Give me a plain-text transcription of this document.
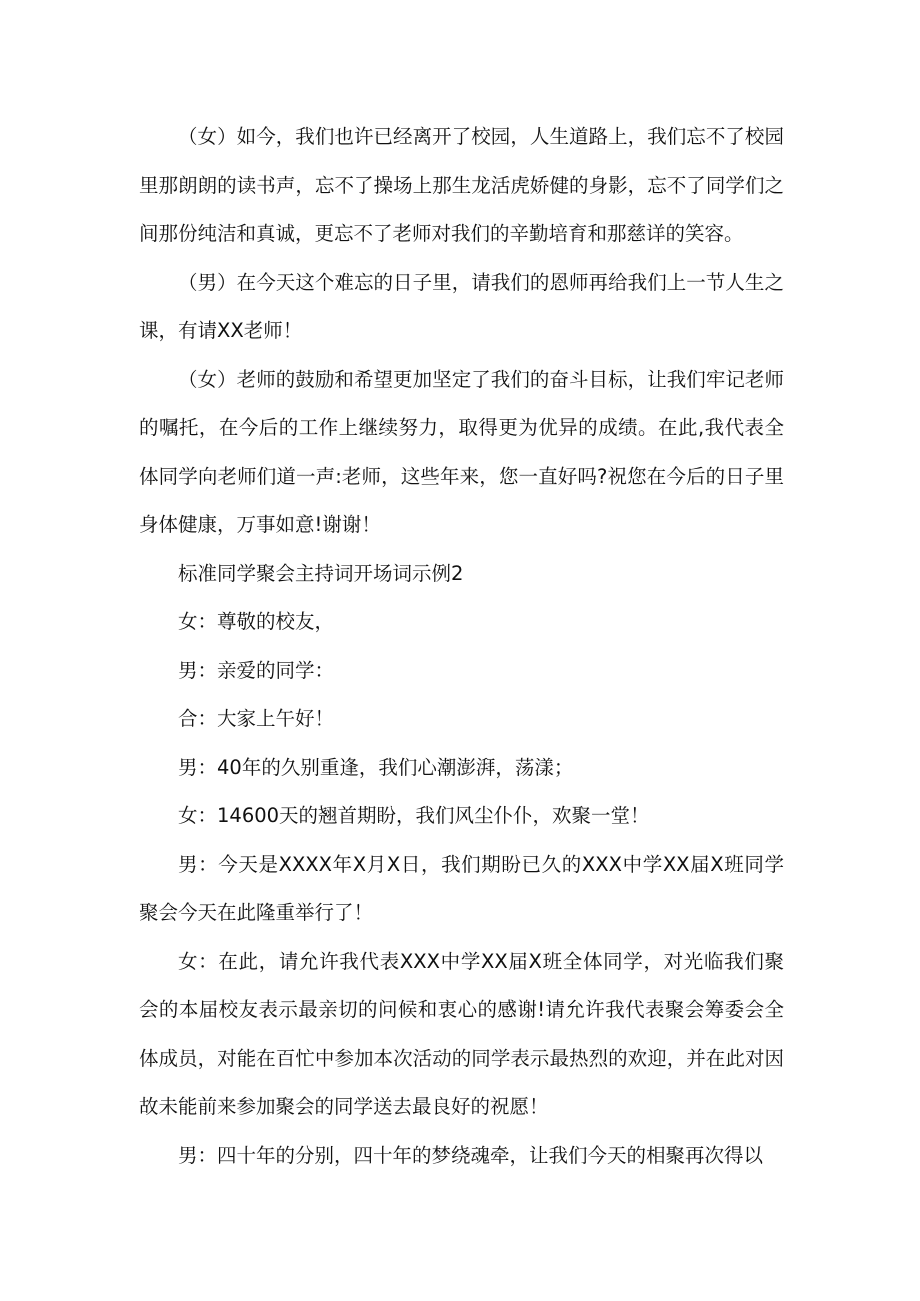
（女）如今，我们也许已经离开了校园，人生道路上，我们忘不了校园里那朗朗的读书声，忘不了操场上那生龙活虎娇健的身影，忘不了同学们之间那份纯洁和真诚，更忘不了老师对我们的辛勤培育和那慈详的笑容。

（男）在今天这个难忘的日子里，请我们的恩师再给我们上一节人生之课，有请XX老师！

（女）老师的鼓励和希望更加坚定了我们的奋斗目标，让我们牢记老师的嘱托，在今后的工作上继续努力，取得更为优异的成绩。在此,我代表全体同学向老师们道一声:老师，这些年来，您一直好吗?祝您在今后的日子里身体健康，万事如意!谢谢！

标准同学聚会主持词开场词示例2

女：尊敬的校友，

男：亲爱的同学：

合：大家上午好！

男：40年的久别重逢，我们心潮澎湃，荡漾；

女：14600天的翘首期盼，我们风尘仆仆，欢聚一堂！

男：今天是XXXX年X月X日，我们期盼已久的XXX中学XX届X班同学聚会今天在此隆重举行了！

女：在此，请允许我代表XXX中学XX届X班全体同学，对光临我们聚会的本届校友表示最亲切的问候和衷心的感谢!请允许我代表聚会筹委会全体成员，对能在百忙中参加本次活动的同学表示最热烈的欢迎，并在此对因故未能前来参加聚会的同学送去最良好的祝愿！

男：四十年的分别，四十年的梦绕魂牵，让我们今天的相聚再次得以
